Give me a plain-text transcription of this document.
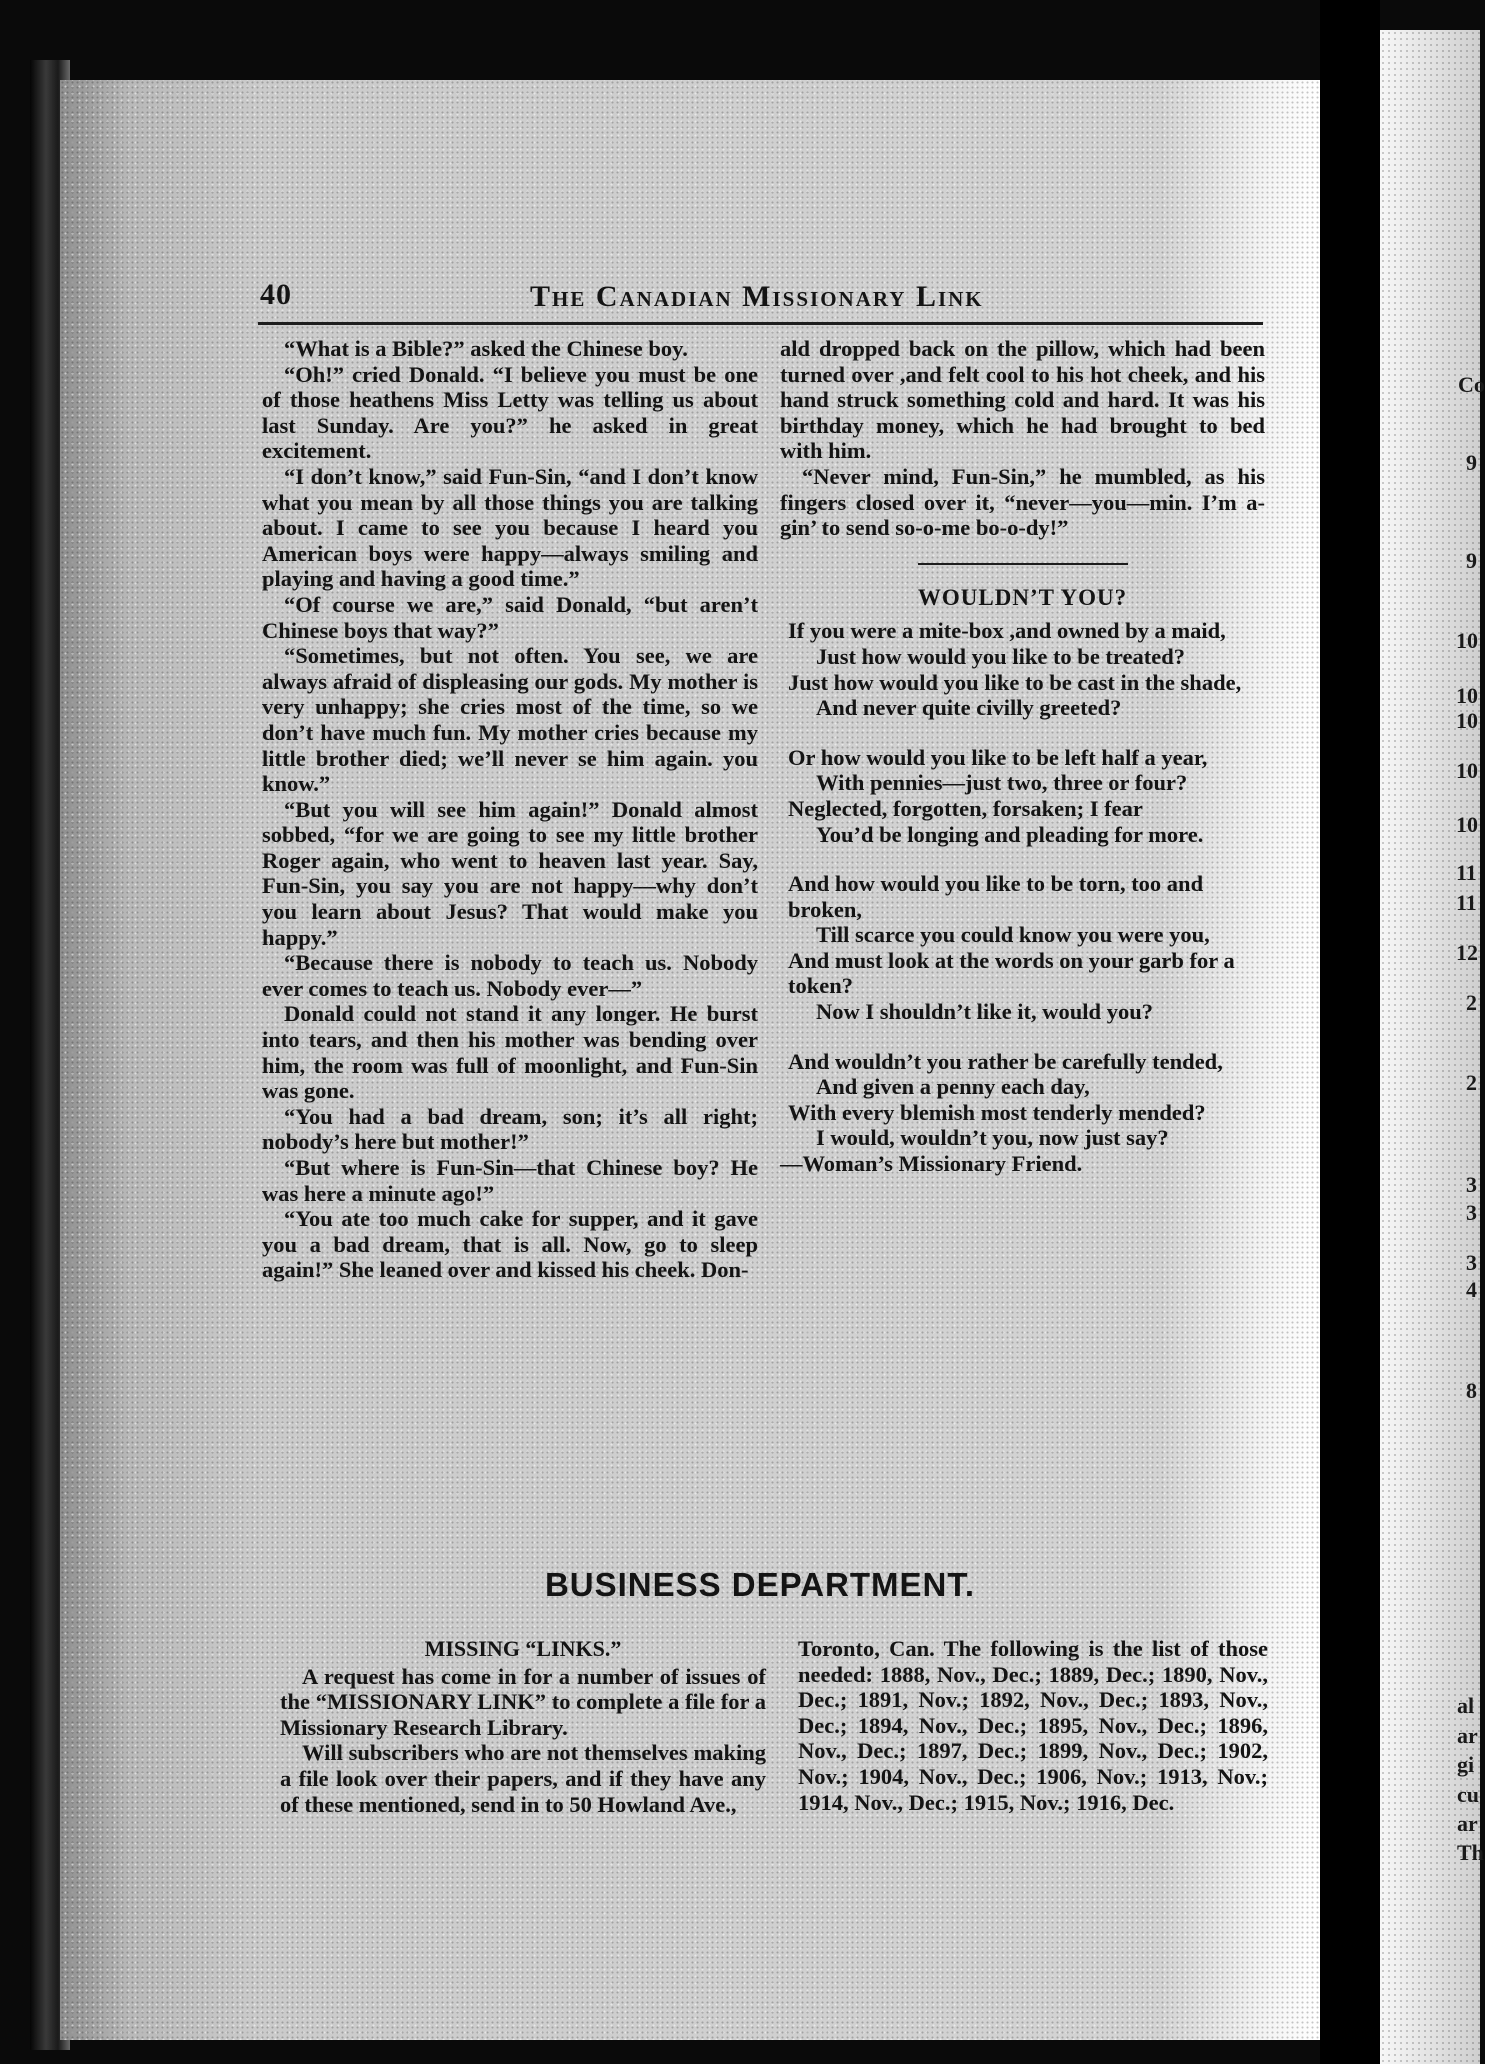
40	The Canadian Missionary Link

“What is a Bible?” asked the Chinese boy.

“Oh!” cried Donald. “I believe you must be one of those heathens Miss Letty was telling us about last Sunday. Are you?” he asked in great excitement.

“I don’t know,” said Fun-Sin, “and I don’t know what you mean by all those things you are talking about. I came to see you because I heard you American boys were happy—always smiling and playing and having a good time.”

“Of course we are,” said Donald, “but aren’t Chinese boys that way?”

“Sometimes, but not often. You see, we are always afraid of displeasing our gods. My mother is very unhappy; she cries most of the time, so we don’t have much fun. My mother cries because my little brother died; we’ll never se him again. you know.”

“But you will see him again!” Donald almost sobbed, “for we are going to see my little brother Roger again, who went to heaven last year. Say, Fun-Sin, you say you are not happy—why don’t you learn about Jesus? That would make you happy.”

“Because there is nobody to teach us. Nobody ever comes to teach us. Nobody ever—”

Donald could not stand it any longer. He burst into tears, and then his mother was bending over him, the room was full of moonlight, and Fun-Sin was gone.

“You had a bad dream, son; it’s all right; nobody’s here but mother!”

“But where is Fun-Sin—that Chinese boy? He was here a minute ago!”

“You ate too much cake for supper, and it gave you a bad dream, that is all. Now, go to sleep again!” She leaned over and kissed his cheek. Don-

ald dropped back on the pillow, which had been turned over ,and felt cool to his hot cheek, and his hand struck something cold and hard. It was his birthday money, which he had brought to bed with him.

“Never mind, Fun-Sin,” he mumbled, as his fingers closed over it, “never—you—min. I’m a-gin’ to send so-o-me bo-o-dy!”

WOULDN’T YOU?
If you were a mite-box ,and owned by a maid,
Just how would you like to be treated?
Just how would you like to be cast in the shade,
And never quite civilly greeted?
Or how would you like to be left half a year,
With pennies—just two, three or four?
Neglected, forgotten, forsaken; I fear
You’d be longing and pleading for more.
And how would you like to be torn, too and broken,
Till scarce you could know you were you,
And must look at the words on your garb for a token?
Now I shouldn’t like it, would you?
And wouldn’t you rather be carefully tended,
And given a penny each day,
With every blemish most tenderly mended?
I would, wouldn’t you, now just say?
—Woman’s Missionary Friend.
BUSINESS DEPARTMENT.
MISSING “LINKS.”

A request has come in for a number of issues of the “MISSIONARY LINK” to complete a file for a Missionary Research Library.

Will subscribers who are not themselves making a file look over their papers, and if they have any of these mentioned, send in to 50 Howland Ave.,

Toronto, Can. The following is the list of those needed: 1888, Nov., Dec.; 1889, Dec.; 1890, Nov., Dec.; 1891, Nov.; 1892, Nov., Dec.; 1893, Nov., Dec.; 1894, Nov., Dec.; 1895, Nov., Dec.; 1896, Nov., Dec.; 1897, Dec.; 1899, Nov., Dec.; 1902, Nov.; 1904, Nov., Dec.; 1906, Nov.; 1913, Nov.; 1914, Nov., Dec.; 1915, Nov.; 1916, Dec.

Co
9
9
10
10
10
10
10
11
11
12
2
2
3
3
3
4
8
al
ar
gi
cu
ar
Th
